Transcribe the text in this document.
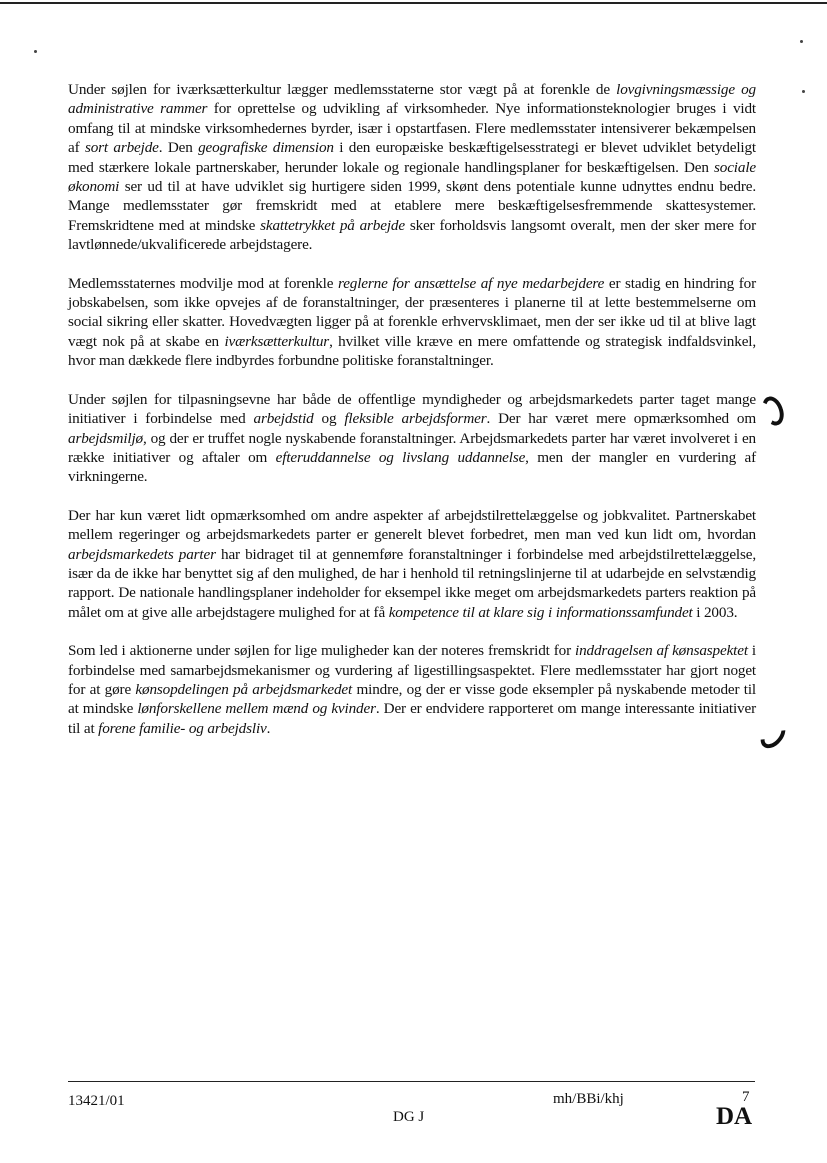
Under søjlen for iværksætterkultur lægger medlemsstaterne stor vægt på at forenkle de lovgivningsmæssige og administrative rammer for oprettelse og udvikling af virksomheder. Nye informationsteknologier bruges i vidt omfang til at mindske virksomhedernes byrder, især i opstartfasen. Flere medlemsstater intensiverer bekæmpelsen af sort arbejde. Den geografiske dimension i den europæiske beskæftigelsesstrategi er blevet udviklet betydeligt med stærkere lokale partnerskaber, herunder lokale og regionale handlingsplaner for beskæftigelsen. Den sociale økonomi ser ud til at have udviklet sig hurtigere siden 1999, skønt dens potentiale kunne udnyttes endnu bedre. Mange medlemsstater gør fremskridt med at etablere mere beskæftigelsesfremmende skattesystemer. Fremskridtene med at mindske skattetrykket på arbejde sker forholdsvis langsomt overalt, men der sker mere for lavtlønnede/ukvalificerede arbejdstagere.

Medlemsstaternes modvilje mod at forenkle reglerne for ansættelse af nye medarbejdere er stadig en hindring for jobskabelsen, som ikke opvejes af de foranstaltninger, der præsenteres i planerne til at lette bestemmelserne om social sikring eller skatter. Hovedvægten ligger på at forenkle erhvervsklimaet, men der ser ikke ud til at blive lagt vægt nok på at skabe en iværksætterkultur, hvilket ville kræve en mere omfattende og strategisk indfaldsvinkel, hvor man dækkede flere indbyrdes forbundne politiske foranstaltninger.

Under søjlen for tilpasningsevne har både de offentlige myndigheder og arbejdsmarkedets parter taget mange initiativer i forbindelse med arbejdstid og fleksible arbejdsformer. Der har været mere opmærksomhed om arbejdsmiljø, og der er truffet nogle nyskabende foranstaltninger. Arbejdsmarkedets parter har været involveret i en række initiativer og aftaler om efteruddannelse og livslang uddannelse, men der mangler en vurdering af virkningerne.

Der har kun været lidt opmærksomhed om andre aspekter af arbejdstilrettelæggelse og jobkvalitet. Partnerskabet mellem regeringer og arbejdsmarkedets parter er generelt blevet forbedret, men man ved kun lidt om, hvordan arbejdsmarkedets parter har bidraget til at gennemføre foranstaltninger i forbindelse med arbejdstilrettelæggelse, især da de ikke har benyttet sig af den mulighed, de har i henhold til retningslinjerne til at udarbejde en selvstændig rapport. De nationale handlingsplaner indeholder for eksempel ikke meget om arbejdsmarkedets parters reaktion på målet om at give alle arbejdstagere mulighed for at få kompetence til at klare sig i informationssamfundet i 2003.

Som led i aktionerne under søjlen for lige muligheder kan der noteres fremskridt for inddragelsen af kønsaspektet i forbindelse med samarbejdsmekanismer og vurdering af ligestillingsaspektet. Flere medlemsstater har gjort noget for at gøre kønsopdelingen på arbejdsmarkedet mindre, og der er visse gode eksempler på nyskabende metoder til at mindske lønforskellene mellem mænd og kvinder. Der er endvidere rapporteret om mange interessante initiativer til at forene familie- og arbejdsliv.

13421/01
DG J
mh/BBi/khj	7
DA
